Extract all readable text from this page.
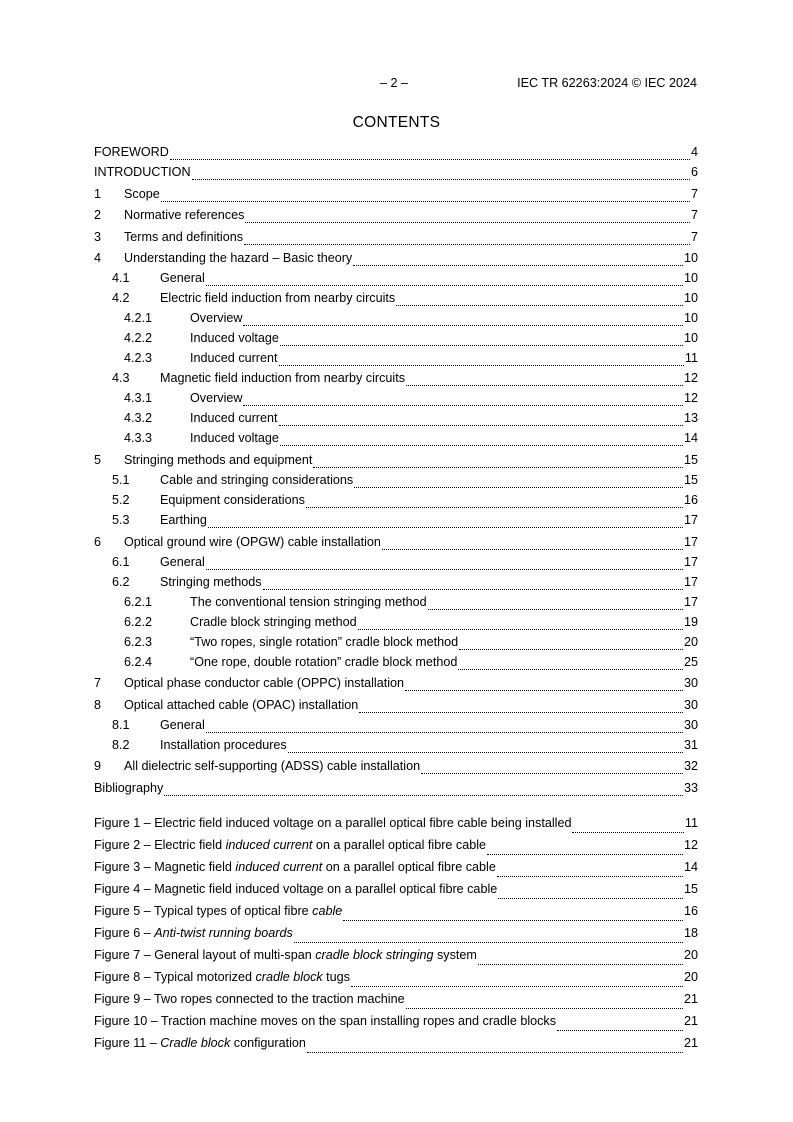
– 2 –	IEC TR 62263:2024 © IEC 2024
CONTENTS
FOREWORD	4
INTRODUCTION	6
1	Scope	7
2	Normative references	7
3	Terms and definitions	7
4	Understanding the hazard – Basic theory	10
4.1	General	10
4.2	Electric field induction from nearby circuits	10
4.2.1	Overview	10
4.2.2	Induced voltage	10
4.2.3	Induced current	11
4.3	Magnetic field induction from nearby circuits	12
4.3.1	Overview	12
4.3.2	Induced current	13
4.3.3	Induced voltage	14
5	Stringing methods and equipment	15
5.1	Cable and stringing considerations	15
5.2	Equipment considerations	16
5.3	Earthing	17
6	Optical ground wire (OPGW) cable installation	17
6.1	General	17
6.2	Stringing methods	17
6.2.1	The conventional tension stringing method	17
6.2.2	Cradle block stringing method	19
6.2.3	“Two ropes, single rotation” cradle block method	20
6.2.4	“One rope, double rotation” cradle block method	25
7	Optical phase conductor cable (OPPC) installation	30
8	Optical attached cable (OPAC) installation	30
8.1	General	30
8.2	Installation procedures	31
9	All dielectric self-supporting (ADSS) cable installation	32
Bibliography	33
Figure 1 – Electric field induced voltage on a parallel optical fibre cable being installed	11
Figure 2 – Electric field induced current on a parallel optical fibre cable	12
Figure 3 – Magnetic field induced current on a parallel optical fibre cable	14
Figure 4 – Magnetic field induced voltage on a parallel optical fibre cable	15
Figure 5 – Typical types of optical fibre cable	16
Figure 6 – Anti-twist running boards	18
Figure 7 – General layout of multi-span cradle block stringing system	20
Figure 8 – Typical motorized cradle block tugs	20
Figure 9 – Two ropes connected to the traction machine	21
Figure 10 – Traction machine moves on the span installing ropes and cradle blocks	21
Figure 11 – Cradle block configuration	21
